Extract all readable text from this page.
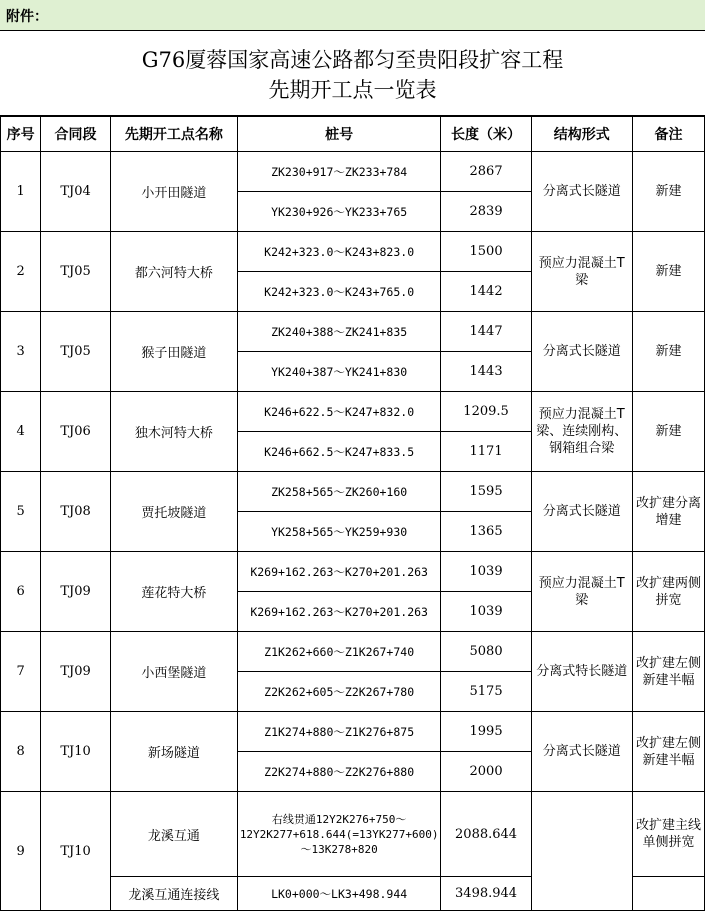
附件：
G76厦蓉国家高速公路都匀至贵阳段扩容工程
先期开工点一览表
序号	合同段	先期开工点名称	桩号	长度（米）	结构形式	备注
1	TJ04	小开田隧道	ZK230+917～ZK233+784	2867	分离式长隧道	新建
			YK230+926～YK233+765	2839		
2	TJ05	都六河特大桥	K242+323.0～K243+823.0	1500	预应力混凝土T梁	新建
			K242+323.0～K243+765.0	1442		
3	TJ05	猴子田隧道	ZK240+388～ZK241+835	1447	分离式长隧道	新建
			YK240+387～YK241+830	1443		
4	TJ06	独木河特大桥	K246+622.5～K247+832.0	1209.5	预应力混凝土T梁、连续刚构、钢箱组合梁	新建
			K246+662.5～K247+833.5	1171		
5	TJ08	贾托坡隧道	ZK258+565～ZK260+160	1595	分离式长隧道	改扩建分离增建
			YK258+565～YK259+930	1365		
6	TJ09	莲花特大桥	K269+162.263～K270+201.263	1039	预应力混凝土T梁	改扩建两侧拼宽
			K269+162.263～K270+201.263	1039		
7	TJ09	小西堡隧道	Z1K262+660～Z1K267+740	5080	分离式特长隧道	改扩建左侧新建半幅
			Z2K262+605～Z2K267+780	5175		
8	TJ10	新场隧道	Z1K274+880～Z1K276+875	1995	分离式长隧道	改扩建左侧新建半幅
			Z2K274+880～Z2K276+880	2000		
9	TJ10	龙溪互通	右线贯通12Y2K276+750～12Y2K277+618.644(=13YK277+600)～13K278+820	2088.644		改扩建主线单侧拼宽
		龙溪互通连接线	LK0+000～LK3+498.944	3498.944		
